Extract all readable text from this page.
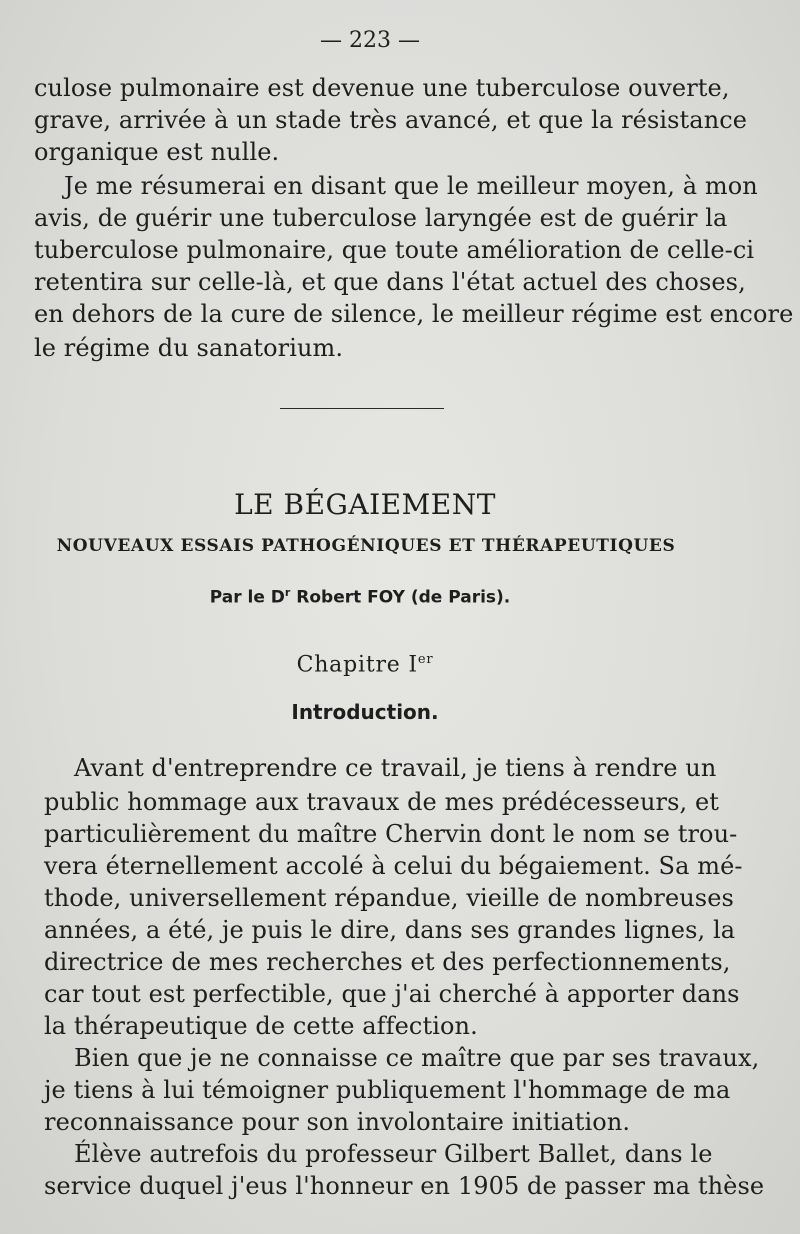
— 223 —
culose pulmonaire est devenue une tuberculose ouverte,
grave, arrivée à un stade très avancé, et que la résistance
organique est nulle.
Je me résumerai en disant que le meilleur moyen, à mon
avis, de guérir une tuberculose laryngée est de guérir la
tuberculose pulmonaire, que toute amélioration de celle-ci
retentira sur celle-là, et que dans l'état actuel des choses,
en dehors de la cure de silence, le meilleur régime est encore
le régime du sanatorium.
LE BÉGAIEMENT
NOUVEAUX ESSAIS PATHOGÉNIQUES ET THÉRAPEUTIQUES
Par le $D^r$ Robert FOY (de Paris).
Chapitre Ier
Introduction.
Avant d'entreprendre ce travail, je tiens à rendre un
public hommage aux travaux de mes prédécesseurs, et
particulièrement du maître Chervin dont le nom se trou-
vera éternellement accolé à celui du bégaiement. Sa mé-
thode, universellement répandue, vieille de nombreuses
années, a été, je puis le dire, dans ses grandes lignes, la
directrice de mes recherches et des perfectionnements,
car tout est perfectible, que j'ai cherché à apporter dans
la thérapeutique de cette affection.
Bien que je ne connaisse ce maître que par ses travaux,
je tiens à lui témoigner publiquement l'hommage de ma
reconnaissance pour son involontaire initiation.
Élève autrefois du professeur Gilbert Ballet, dans le
service duquel j'eus l'honneur en 1905 de passer ma thèse
